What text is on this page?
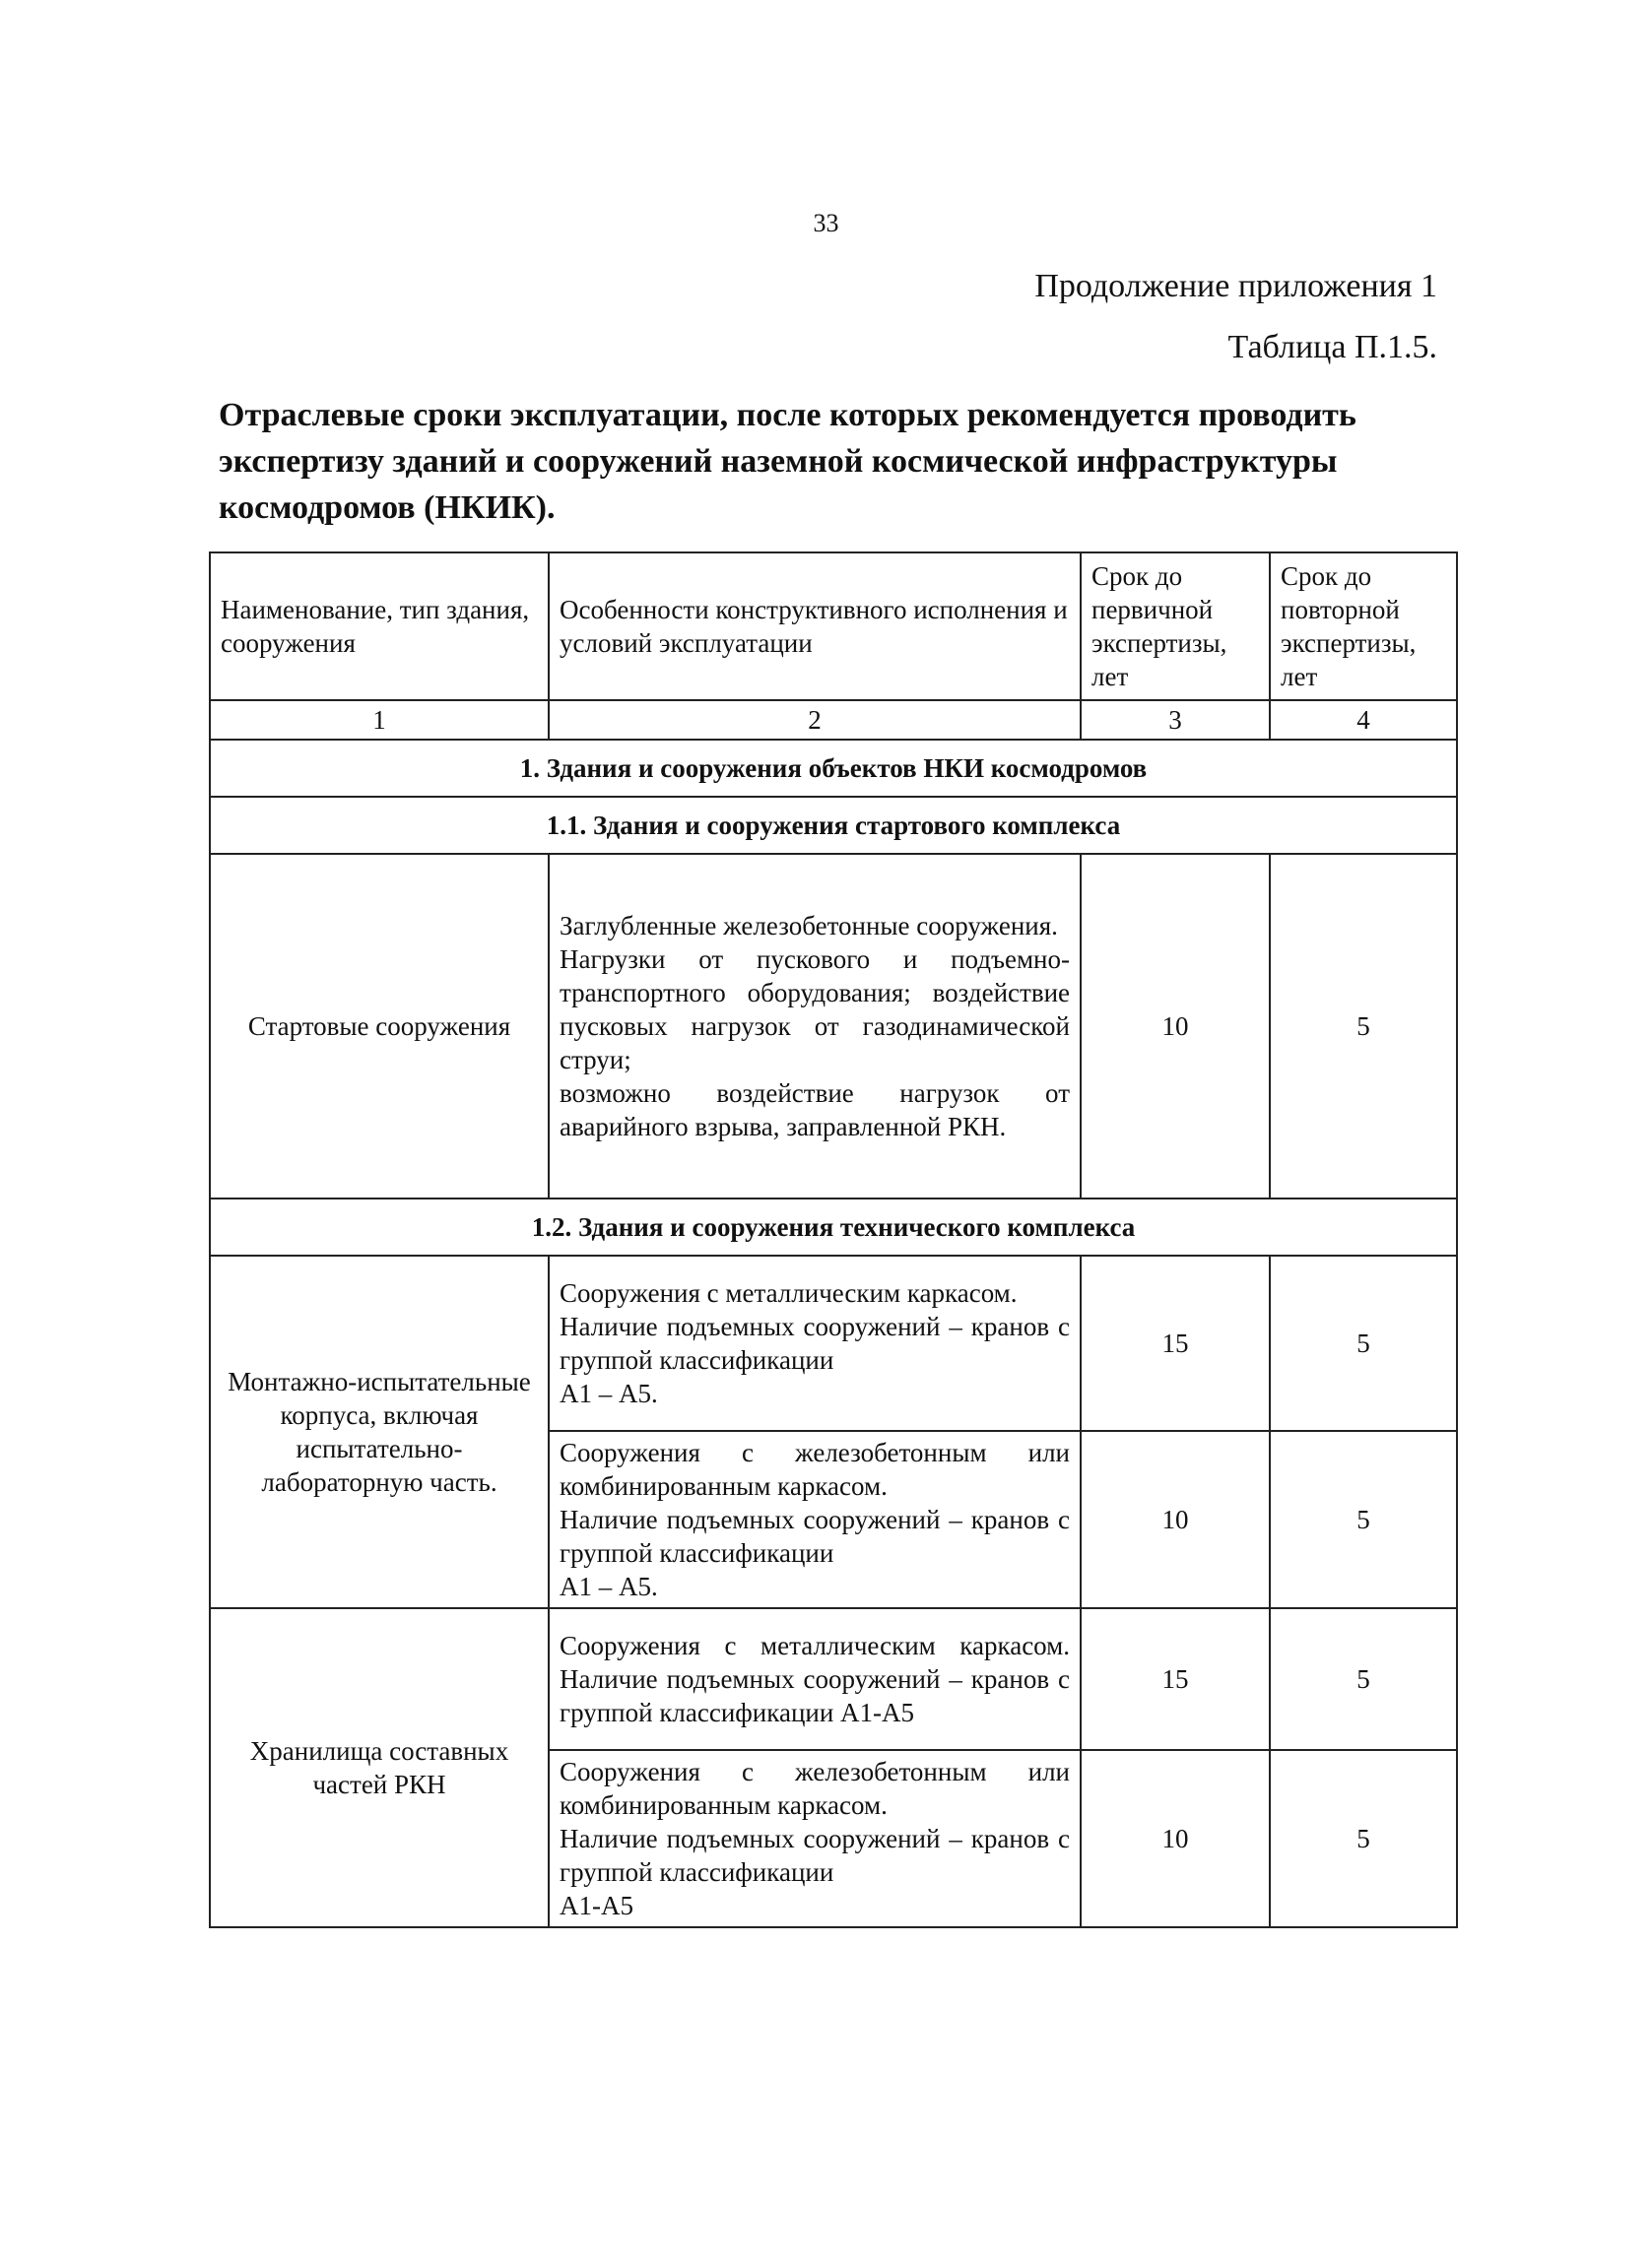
33
Продолжение приложения 1
Таблица П.1.5.
Отраслевые сроки эксплуатации, после которых рекомендуется проводить экспертизу зданий и сооружений наземной космической инфраструктуры космодромов (НКИК).
Наименование, тип здания, сооружения	Особенности конструктивного исполнения и условий эксплуатации	Срок до первичной экспертизы, лет	Срок до повторной экспертизы, лет
1	2	3	4
1. Здания и сооружения объектов НКИ космодромов			
1.1. Здания и сооружения стартового комплекса			
Стартовые сооружения	Заглубленные железобетонные сооружения.
Нагрузки от пускового и подъемно-транспортного оборудования; воздействие пусковых нагрузок от газодинамической струи;
возможно воздействие нагрузок от аварийного взрыва, заправленной РКН.	10	5
1.2. Здания и сооружения технического комплекса			
Монтажно-испытательные корпуса, включая испытательно-лабораторную часть.	Сооружения с металлическим каркасом.
Наличие подъемных сооружений – кранов с группой классификации
А1 – А5.	15	5

	Сооружения с железобетонным или комбинированным каркасом.
Наличие подъемных сооружений – кранов с группой классификации
А1 – А5.	10	5
Хранилища составных частей РКН	Сооружения с металлическим каркасом. Наличие подъемных сооружений – кранов с группой классификации А1-А5	15	5

	Сооружения с железобетонным или комбинированным каркасом.
Наличие подъемных сооружений – кранов с группой классификации
А1-А5	10	5
